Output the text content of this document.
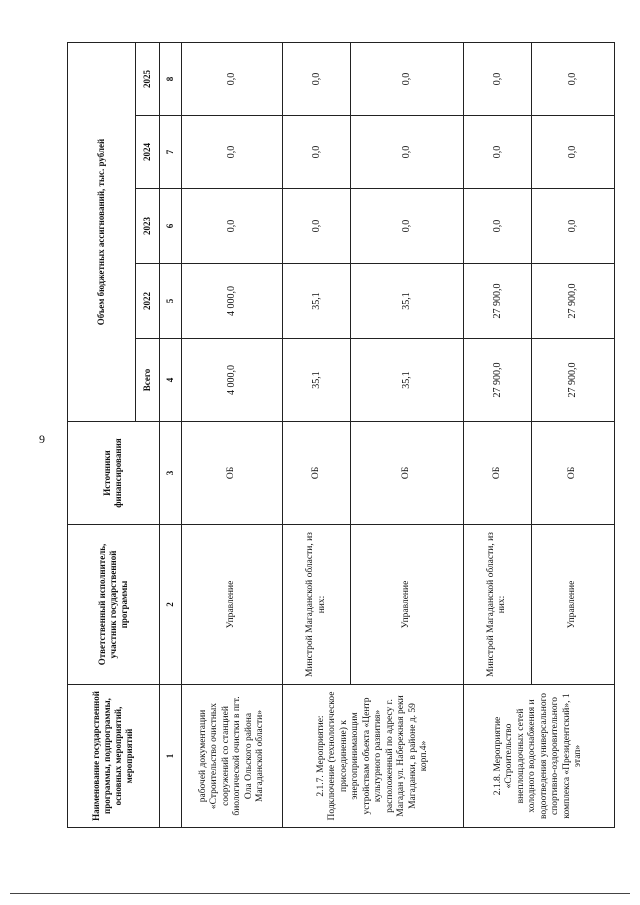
9
Наименование государственной программы, подпрограммы, основных мероприятий, мероприятий	Ответственный исполнитель, участник государственной программы	Источники финансирования	Объем бюджетных ассигнований, тыс. рублей				
			Всего	2022	2023	2024	2025
1	2	3	4	5	6	7	8
рабочей документации «Строительство очистных сооружений со станцией биологической очистки в пгт. Ола Ольского района Магаданской области»	Управление	ОБ	4 000,0	4 000,0	0,0	0,0	0,0
2.1.7. Мероприятие: Подключение (технологическое присоединение) к энергопринимающим устройствам объекта «Центр культурного развития» расположенный по адресу г. Магадан ул. Набережная реки Магаданки, в районе д. 59 корп.4»	Минстрой Магаданской области, из них:	ОБ	35,1	35,1	0,0	0,0	0,0
	Управление	ОБ	35,1	35,1	0,0	0,0	0,0
2.1.8. Мероприятие «Строительство внеплощадочных сетей холодного водоснабжения и водоотведения универсального спортивно-оздоровительного комплекса «Президентский», 1 этап»	Минстрой Магаданской области, из них:	ОБ	27 900,0	27 900,0	0,0	0,0	0,0
	Управление	ОБ	27 900,0	27 900,0	0,0	0,0	0,0
